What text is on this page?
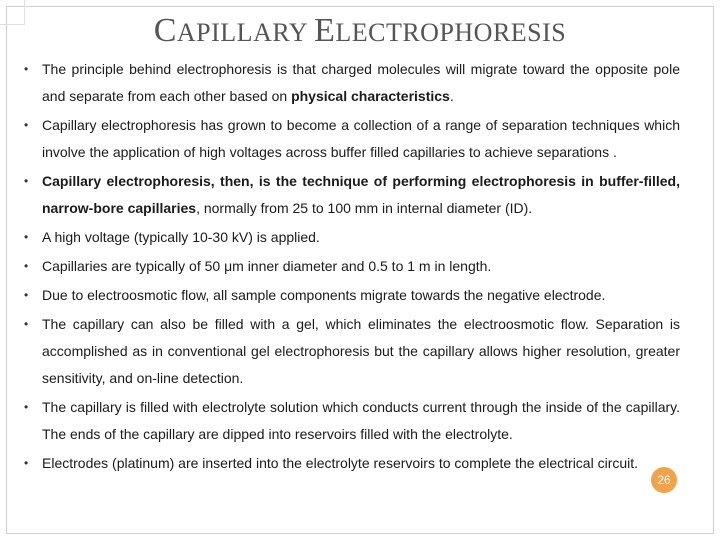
CAPILLARY ELECTROPHORESIS
• The principle behind electrophoresis is that charged molecules will migrate toward the opposite pole and separate from each other based on physical characteristics.
• Capillary electrophoresis has grown to become a collection of a range of separation techniques which involve the application of high voltages across buffer filled capillaries to achieve separations .
• Capillary electrophoresis, then, is the technique of performing electrophoresis in buffer-filled, narrow-bore capillaries, normally from 25 to 100 mm in internal diameter (ID).
• A high voltage (typically 10-30 kV) is applied.
• Capillaries are typically of 50 μm inner diameter and 0.5 to 1 m in length.
• Due to electroosmotic flow, all sample components migrate towards the negative electrode.
• The capillary can also be filled with a gel, which eliminates the electroosmotic flow. Separation is accomplished as in conventional gel electrophoresis but the capillary allows higher resolution, greater sensitivity, and on-line detection.
• The capillary is filled with electrolyte solution which conducts current through the inside of the capillary. The ends of the capillary are dipped into reservoirs filled with the electrolyte.
• Electrodes (platinum) are inserted into the electrolyte reservoirs to complete the electrical circuit.
26
